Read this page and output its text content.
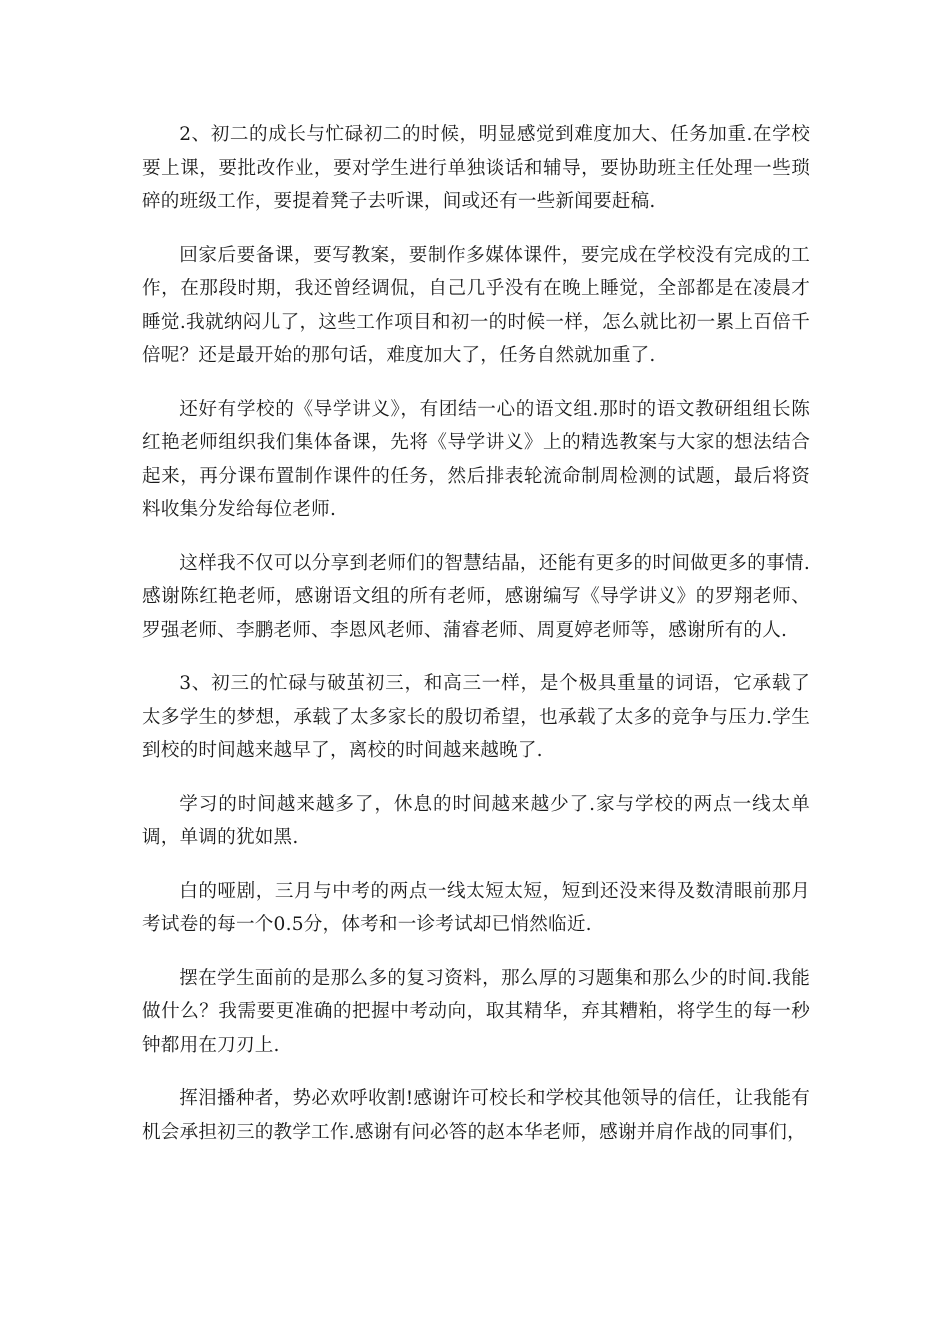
2、初二的成长与忙碌初二的时候，明显感觉到难度加大、任务加重.在学校要上课，要批改作业，要对学生进行单独谈话和辅导，要协助班主任处理一些琐碎的班级工作，要提着凳子去听课，间或还有一些新闻要赶稿.

回家后要备课，要写教案，要制作多媒体课件，要完成在学校没有完成的工作，在那段时期，我还曾经调侃，自己几乎没有在晚上睡觉，全部都是在凌晨才睡觉.我就纳闷儿了，这些工作项目和初一的时候一样，怎么就比初一累上百倍千倍呢？还是最开始的那句话，难度加大了，任务自然就加重了.

还好有学校的《导学讲义》，有团结一心的语文组.那时的语文教研组组长陈红艳老师组织我们集体备课，先将《导学讲义》上的精选教案与大家的想法结合起来，再分课布置制作课件的任务，然后排表轮流命制周检测的试题，最后将资料收集分发给每位老师.

这样我不仅可以分享到老师们的智慧结晶，还能有更多的时间做更多的事情.感谢陈红艳老师，感谢语文组的所有老师，感谢编写《导学讲义》的罗翔老师、罗强老师、李鹏老师、李恩风老师、蒲睿老师、周夏婷老师等，感谢所有的人.

3、初三的忙碌与破茧初三，和高三一样，是个极具重量的词语，它承载了太多学生的梦想，承载了太多家长的殷切希望，也承载了太多的竞争与压力.学生到校的时间越来越早了，离校的时间越来越晚了.

学习的时间越来越多了，休息的时间越来越少了.家与学校的两点一线太单调，单调的犹如黑.

白的哑剧，三月与中考的两点一线太短太短，短到还没来得及数清眼前那月考试卷的每一个0.5分，体考和一诊考试却已悄然临近.

摆在学生面前的是那么多的复习资料，那么厚的习题集和那么少的时间.我能做什么？我需要更准确的把握中考动向，取其精华，弃其糟粕，将学生的每一秒钟都用在刀刃上.

挥泪播种者，势必欢呼收割!感谢许可校长和学校其他领导的信任，让我能有机会承担初三的教学工作.感谢有问必答的赵本华老师，感谢并肩作战的同事们，
